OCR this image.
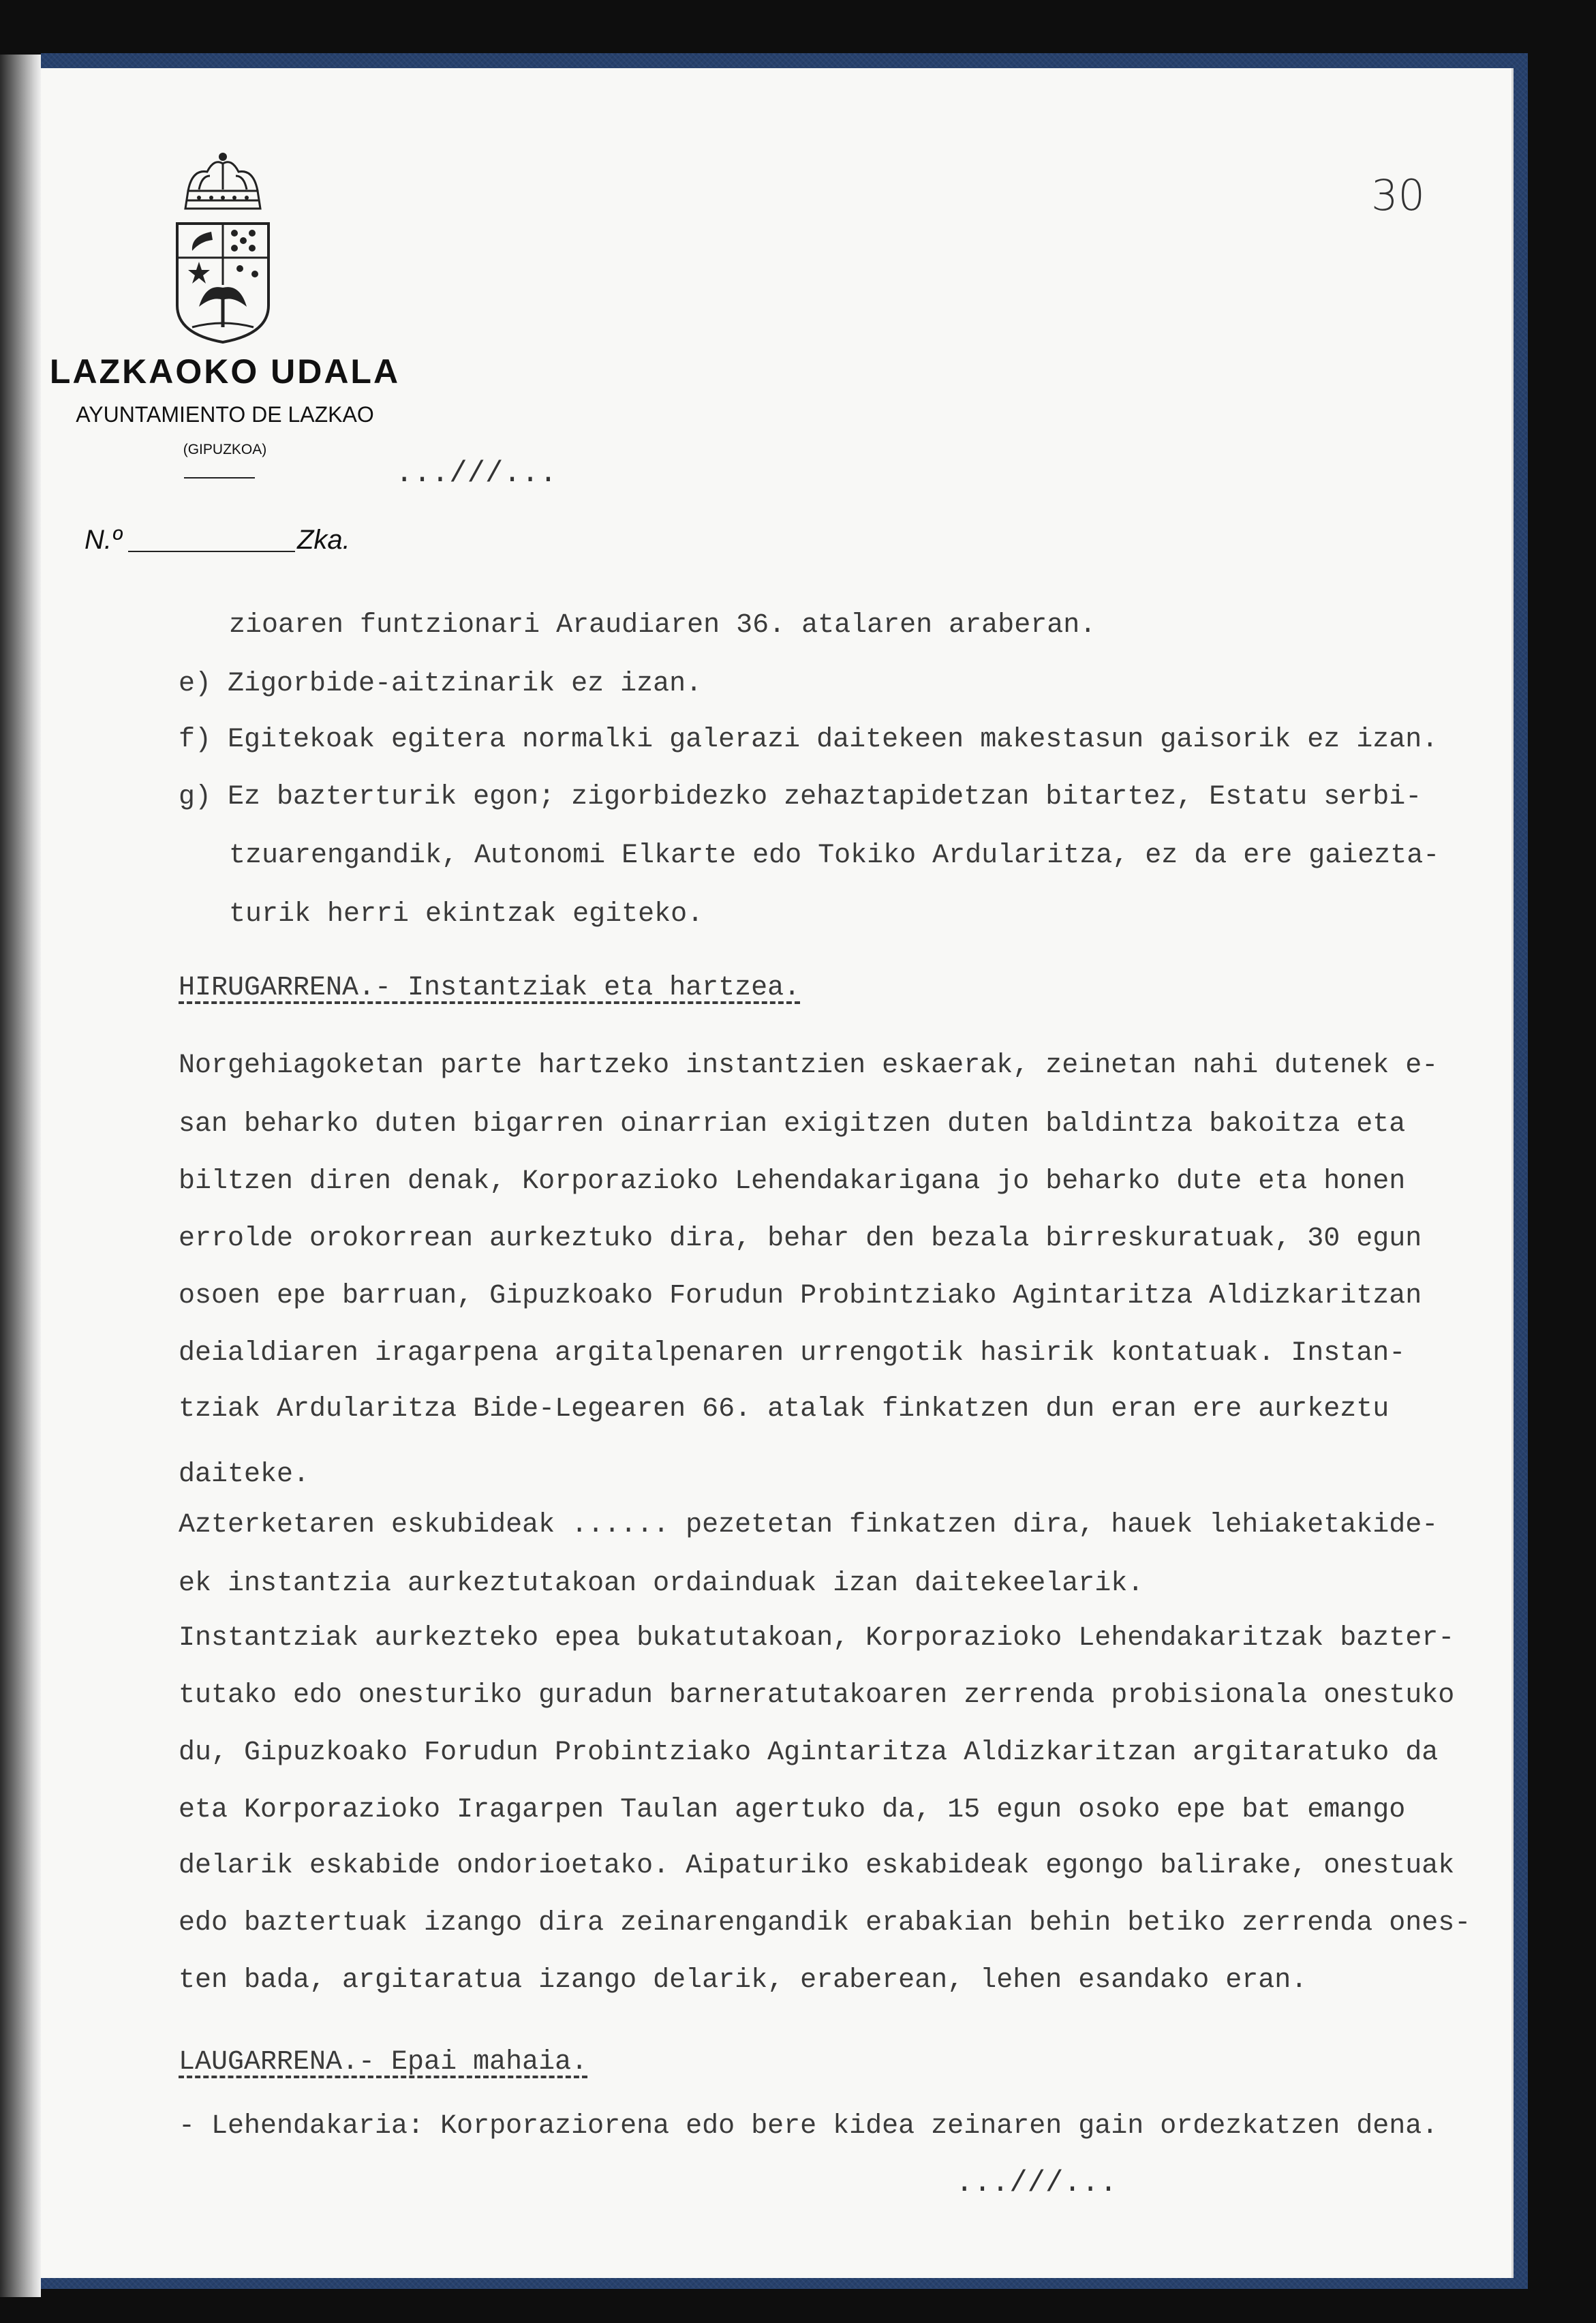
LAZKAOKO UDALA
AYUNTAMIENTO DE LAZKAO
(GIPUZKOA)
N.º	Zka.
30
...///...
zioaren funtzionari Araudiaren 36. atalaren araberan.
e) Zigorbide-aitzinarik ez izan.
f) Egitekoak egitera normalki galerazi daitekeen makestasun gaisorik ez izan.
g) Ez bazterturik egon; zigorbidezko zehaztapidetzan bitartez, Estatu serbi-
tzuarengandik, Autonomi Elkarte edo Tokiko Ardularitza, ez da ere gaiezta-
turik herri ekintzak egiteko.
HIRUGARRENA.- Instantziak eta hartzea.
Norgehiagoketan parte hartzeko instantzien eskaerak, zeinetan nahi dutenek e-
san beharko duten bigarren oinarrian exigitzen duten baldintza bakoitza eta
biltzen diren denak, Korporazioko Lehendakarigana jo beharko dute eta honen
erroldе orokorrean aurkeztuko dira, behar den bezala birreskuratuak, 30 egun
osoen epe barruan, Gipuzkoako Forudun Probintziako Agintaritza Aldizkaritzan
deialdiaren iragarpena argitalpenaren urrengotik hasirik kontatuak. Instan-
tziak Ardularitza Bide-Legearen 66. atalak finkatzen dun eran ere aurkeztu
daiteke.
Azterketaren eskubideak ...... pezetetan finkatzen dira, hauek lehiaketakide-
ek instantzia aurkeztutakoan ordainduak izan daitekeelarik.
Instantziak aurkezteko epea bukatutakoan, Korporazioko Lehendakaritzak bazter-
tutako edo onesturiko guradun barneratutakoaren zerrenda probisionala onestuko
du, Gipuzkoako Forudun Probintziako Agintaritza Aldizkaritzan argitaratuko da
eta Korporazioko Iragarpen Taulan agertuko da, 15 egun osoko epe bat emango
delarik eskabide ondorioetako. Aipaturiko eskabideak egongo balirake, onestuak
edo baztertuak izango dira zeinarengandik erabakian behin betiko zerrenda ones-
ten bada, argitaratua izango delarik, eraberean, lehen esandako eran.
LAUGARRENA.- Epai mahaia.
- Lehendakaria: Korporaziorena edo bere kidea zeinaren gain ordezkatzen dena.
...///...
